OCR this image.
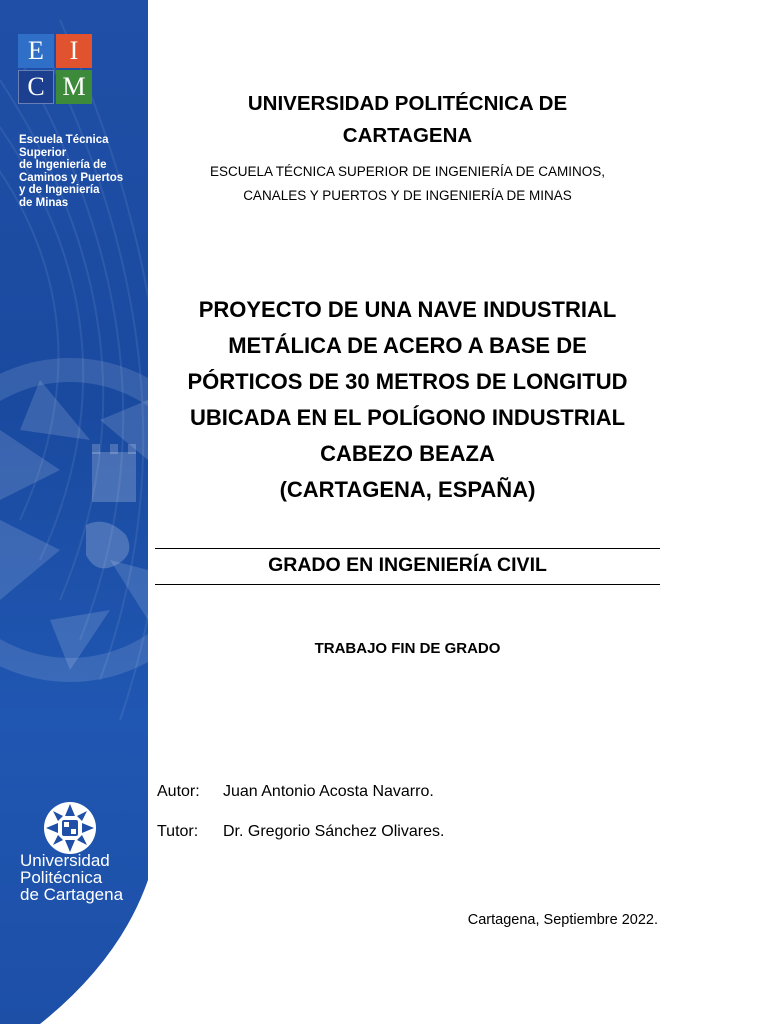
E I
C M
Escuela Técnica
Superior
de Ingeniería de
Caminos y Puertos
y de Ingeniería
de Minas
Universidad
Politécnica
de Cartagena
UNIVERSIDAD POLITÉCNICA DE
CARTAGENA
ESCUELA TÉCNICA SUPERIOR DE INGENIERÍA DE CAMINOS,
CANALES Y PUERTOS Y DE INGENIERÍA DE MINAS
PROYECTO DE UNA NAVE INDUSTRIAL
METÁLICA DE ACERO A BASE DE
PÓRTICOS DE 30 METROS DE LONGITUD
UBICADA EN EL POLÍGONO INDUSTRIAL
CABEZO BEAZA
(CARTAGENA, ESPAÑA)
GRADO EN INGENIERÍA CIVIL
TRABAJO FIN DE GRADO
Autor: Juan Antonio Acosta Navarro.
Tutor: Dr. Gregorio Sánchez Olivares.
Cartagena, Septiembre 2022.
